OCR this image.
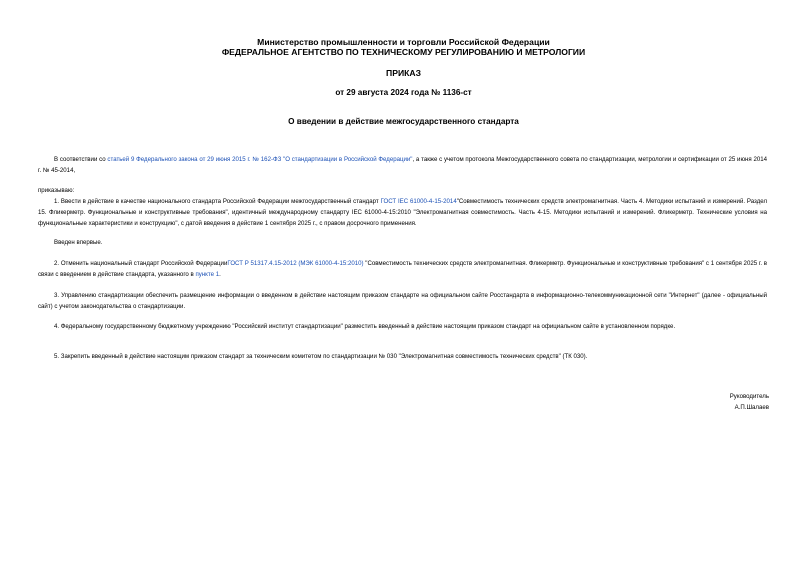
Министерство промышленности и торговли Российской Федерации
ФЕДЕРАЛЬНОЕ АГЕНТСТВО ПО ТЕХНИЧЕСКОМУ РЕГУЛИРОВАНИЮ И МЕТРОЛОГИИ
ПРИКАЗ
от 29 августа 2024 года № 1136-ст
О введении в действие межгосударственного стандарта

В соответствии со статьей 9 Федерального закона от 29 июня 2015 г. № 162-ФЗ "О стандартизации в Российской Федерации", а также с учетом протокола Межгосударственного совета по стандартизации, метрологии и сертификации от 25 июня 2014 г. № 45-2014,

приказываю:

1. Ввести в действие в качестве национального стандарта Российской Федерации межгосударственный стандарт ГОСТ IEC 61000-4-15-2014"Совместимость технических средств электромагнитная. Часть 4. Методики испытаний и измерений. Раздел 15. Фликерметр. Функциональные и конструктивные требования", идентичный международному стандарту IEC 61000-4-15:2010 "Электромагнитная совместимость. Часть 4-15. Методики испытаний и измерений. Фликерметр. Технические условия на функциональные характеристики и конструкцию", с датой введения в действие 1 сентября 2025 г., с правом досрочного применения.

Введен впервые.

2. Отменить национальный стандарт Российской ФедерацииГОСТ Р 51317.4.15-2012 (МЭК 61000-4-15:2010) "Совместимость технических средств электромагнитная. Фликерметр. Функциональные и конструктивные требования" с 1 сентября 2025 г. в связи с введением в действие стандарта, указанного в пункте 1.

3. Управлению стандартизации обеспечить размещение информации о введенном в действие настоящим приказом стандарте на официальном сайте Росстандарта в информационно-телекоммуникационной сети "Интернет" (далее - официальный сайт) с учетом законодательства о стандартизации.

4. Федеральному государственному бюджетному учреждению "Российский институт стандартизации" разместить введенный в действие настоящим приказом стандарт на официальном сайте в установленном порядке.

5. Закрепить введенный в действие настоящим приказом стандарт за техническим комитетом по стандартизации № 030 "Электромагнитная совместимость технических средств" (ТК 030).

Руководитель
А.П.Шалаев
